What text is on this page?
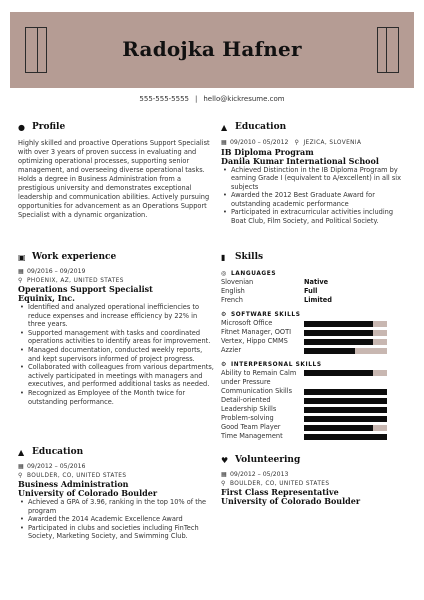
Radojka Hafner
555-555-5555 | hello@kickresume.com
● Profile
Highly skilled and proactive Operations Support Specialist with over 3 years of proven success in evaluating and optimizing operational processes, supporting senior management, and overseeing diverse operational tasks. Holds a degree in Business Administration from a prestigious university and demonstrates exceptional leadership and communication abilities. Actively pursuing opportunities for advancement as an Operations Support Specialist with a dynamic organization.
▣ Work experience
▦ 09/2016 – 09/2019
⚲ PHOENIX, AZ, UNITED STATES
Operations Support Specialist
Equinix, Inc.
• Identified and analyzed operational inefficiencies to reduce expenses and increase efficiency by 22% in three years.
• Supported management with tasks and coordinated operations activities to identify areas for improvement.
• Managed documentation, conducted weekly reports, and kept supervisors informed of project progress.
• Collaborated with colleagues from various departments, actively participated in meetings with managers and executives, and performed additional tasks as needed.
• Recognized as Employee of the Month twice for outstanding performance.
▲ Education
▦ 09/2012 – 05/2016
⚲ BOULDER, CO, UNITED STATES
Business Administration
University of Colorado Boulder
• Achieved a GPA of 3.96, ranking in the top 10% of the program
• Awarded the 2014 Academic Excellence Award
• Participated in clubs and societies including FinTech Society, Marketing Society, and Swimming Club.
▲ Education
▦ 09/2010 – 05/2012 ⚲ JEZICA, SLOVENIA
IB Diploma Program
Danila Kumar International School
• Achieved Distinction in the IB Diploma Program by earning Grade I (equivalent to A/excellent) in all six subjects
• Awarded the 2012 Best Graduate Award for outstanding academic performance
• Participated in extracurricular activities including Boat Club, Film Society, and Political Society.
▮	Skills
◎ LANGUAGES
Slovenian	Native
English	Full
French	Limited
⚙ SOFTWARE SKILLS
Microsoft Office
Fitnet Manager, OOTI
Vertex, Hippo CMMS
Azzier
⚙ INTERPERSONAL SKILLS
Ability to Remain Calm under Pressure
Communication Skills
Detail-oriented
Leadership Skills
Problem-solving
Good Team Player
Time Management
♥ Volunteering
▦ 09/2012 – 05/2013
⚲ BOULDER, CO, UNITED STATES
First Class Representative
University of Colorado Boulder
